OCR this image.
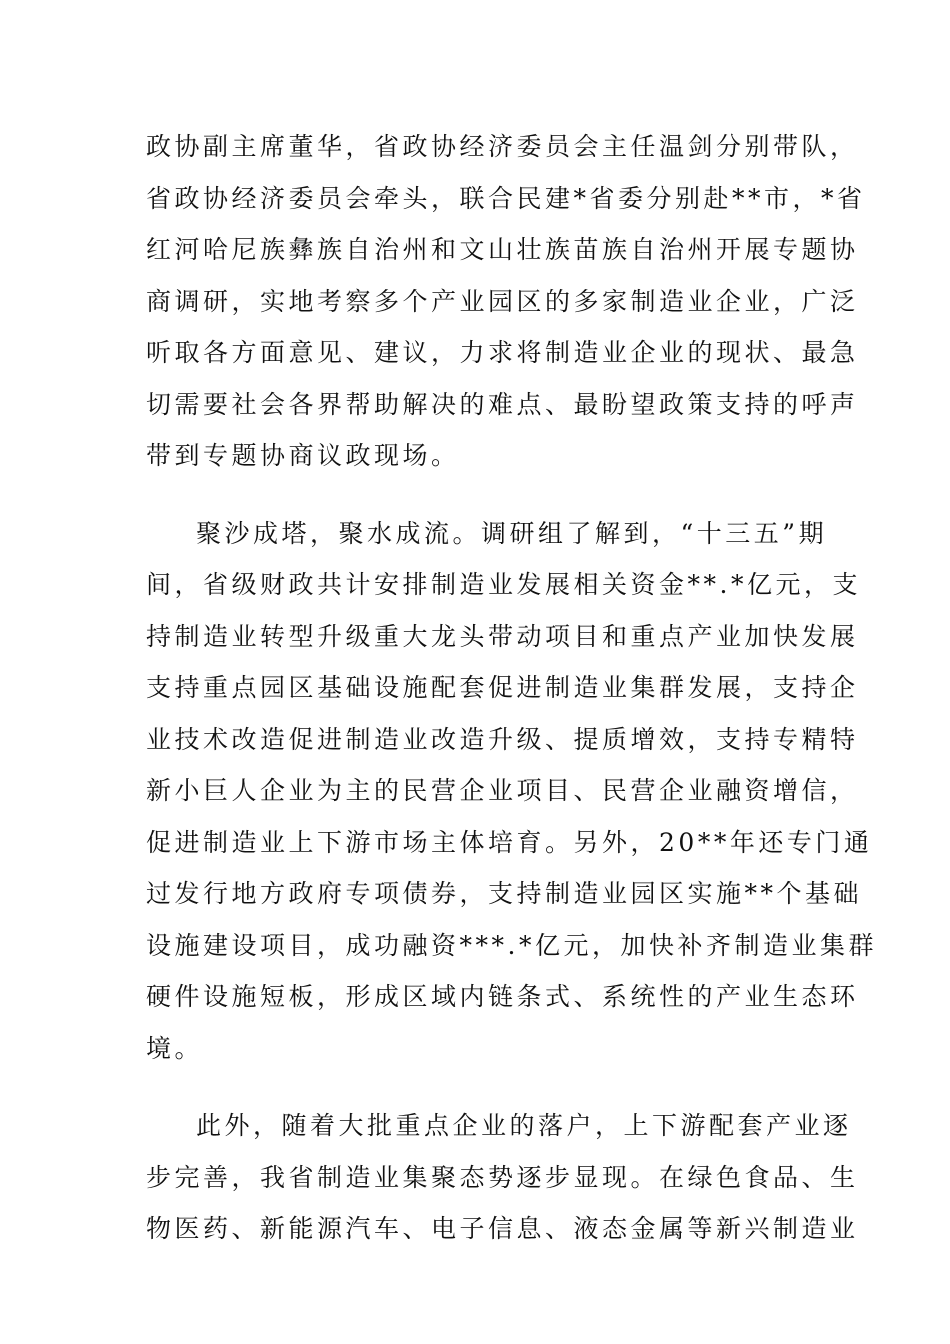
政协副主席董华，省政协经济委员会主任温剑分别带队，
省政协经济委员会牵头，联合民建*省委分别赴**市，*省
红河哈尼族彝族自治州和文山壮族苗族自治州开展专题协
商调研，实地考察多个产业园区的多家制造业企业，广泛
听取各方面意见、建议，力求将制造业企业的现状、最急
切需要社会各界帮助解决的难点、最盼望政策支持的呼声
带到专题协商议政现场。
聚沙成塔，聚水成流。调研组了解到，“十三五”期
间，省级财政共计安排制造业发展相关资金**.*亿元，支
持制造业转型升级重大龙头带动项目和重点产业加快发展
支持重点园区基础设施配套促进制造业集群发展，支持企
业技术改造促进制造业改造升级、提质增效，支持专精特
新小巨人企业为主的民营企业项目、民营企业融资增信，
促进制造业上下游市场主体培育。另外，20**年还专门通
过发行地方政府专项债券，支持制造业园区实施**个基础
设施建设项目，成功融资***.*亿元，加快补齐制造业集群
硬件设施短板，形成区域内链条式、系统性的产业生态环
境。
此外，随着大批重点企业的落户，上下游配套产业逐
步完善，我省制造业集聚态势逐步显现。在绿色食品、生
物医药、新能源汽车、电子信息、液态金属等新兴制造业
